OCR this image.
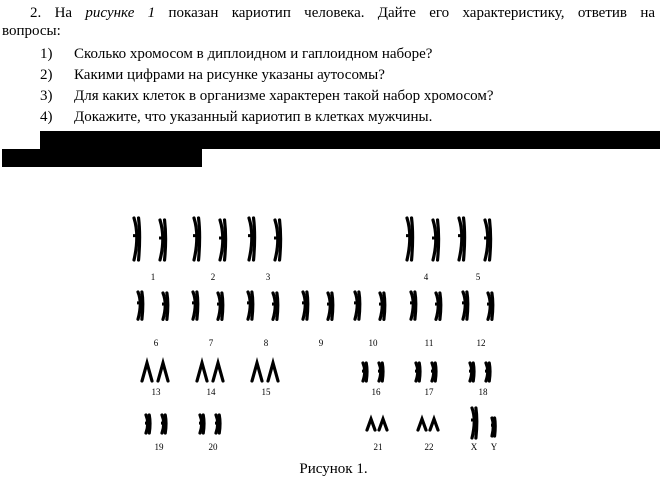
2. На рисунке 1 показан кариотип человека. Дайте его характеристику, ответив на
вопросы:
1)	Сколько хромосом в диплоидном и гаплоидном наборе?
2)	Какими цифрами на рисунке указаны аутосомы?
3)	Для каких клеток в организме характерен такой набор хромосом?
4)	Докажите, что указанный кариотип в клетках мужчины.
1	2	3	4	5
6	7	8	9	10	11	12
13	14	15	16	17	18
19	20	21	22	X Y
Рисунок 1.
